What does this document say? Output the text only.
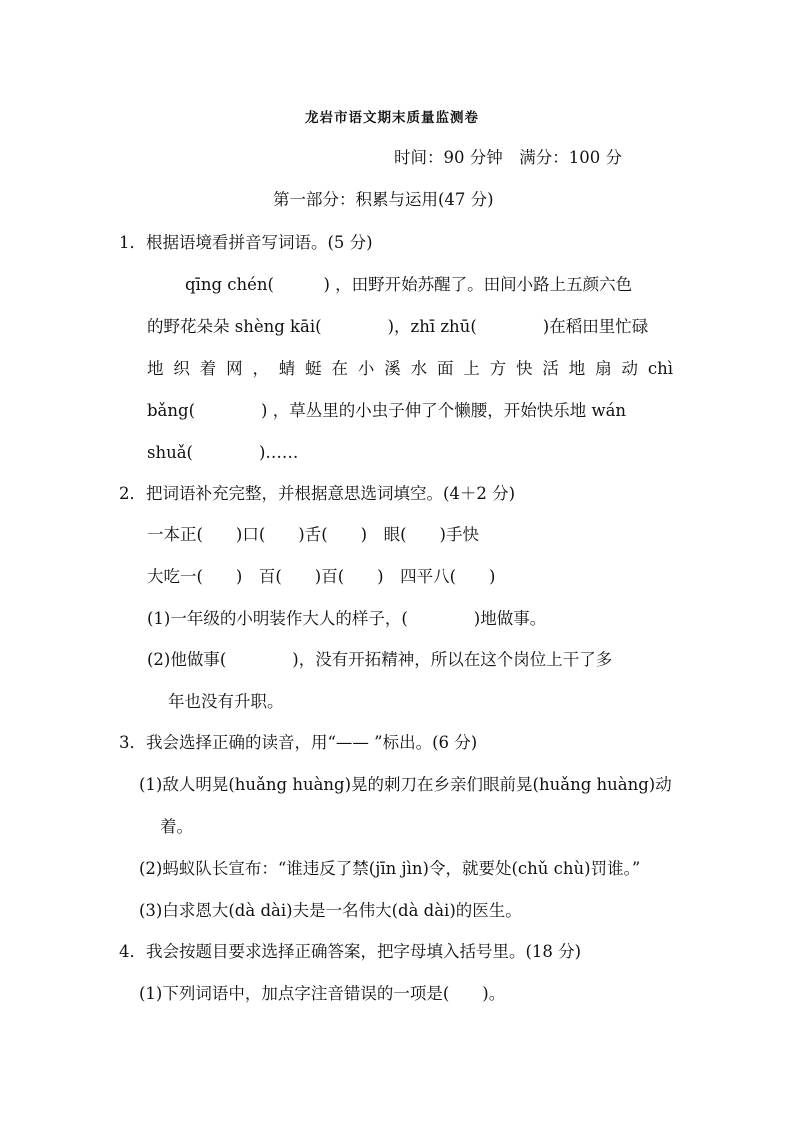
龙岩市语文期末质量监测卷
时间：90 分钟　满分：100 分
第一部分：积累与运用(47 分)
1．根据语境看拼音写词语。(5 分)
qīng chén(　　　) ，田野开始苏醒了。田间小路上五颜六色
的野花朵朵 shèng kāi(　　　　)，zhī zhū(　　　　)在稻田里忙碌
地 织 着 网 ， 蜻 蜓 在 小 溪 水 面 上 方 快 活 地 扇 动 chì
bǎng(　　　　) ，草丛里的小虫子伸了个懒腰，开始快乐地 wán
shuǎ(　　　　)……
2．把词语补充完整，并根据意思选词填空。(4＋2 分)
一本正(　　)口(　　)舌(　　)　眼(　　)手快
大吃一(　　)　百(　　)百(　　)　四平八(　　)
(1)一年级的小明装作大人的样子，(　　　　)地做事。
(2)他做事(　　　　)，没有开拓精神，所以在这个岗位上干了多
年也没有升职。
3．我会选择正确的读音，用“—— ”标出。(6 分)
(1)敌人明晃(huǎng huàng)晃的刺刀在乡亲们眼前晃(huǎng huàng)动
着。
(2)蚂蚁队长宣布：“谁违反了禁(jīn jìn)令，就要处(chǔ chù)罚谁。”
(3)白求恩大(dà dài)夫是一名伟大(dà dài)的医生。
4．我会按题目要求选择正确答案，把字母填入括号里。(18 分)
(1)下列词语中，加点字注音错误的一项是(　　)。
